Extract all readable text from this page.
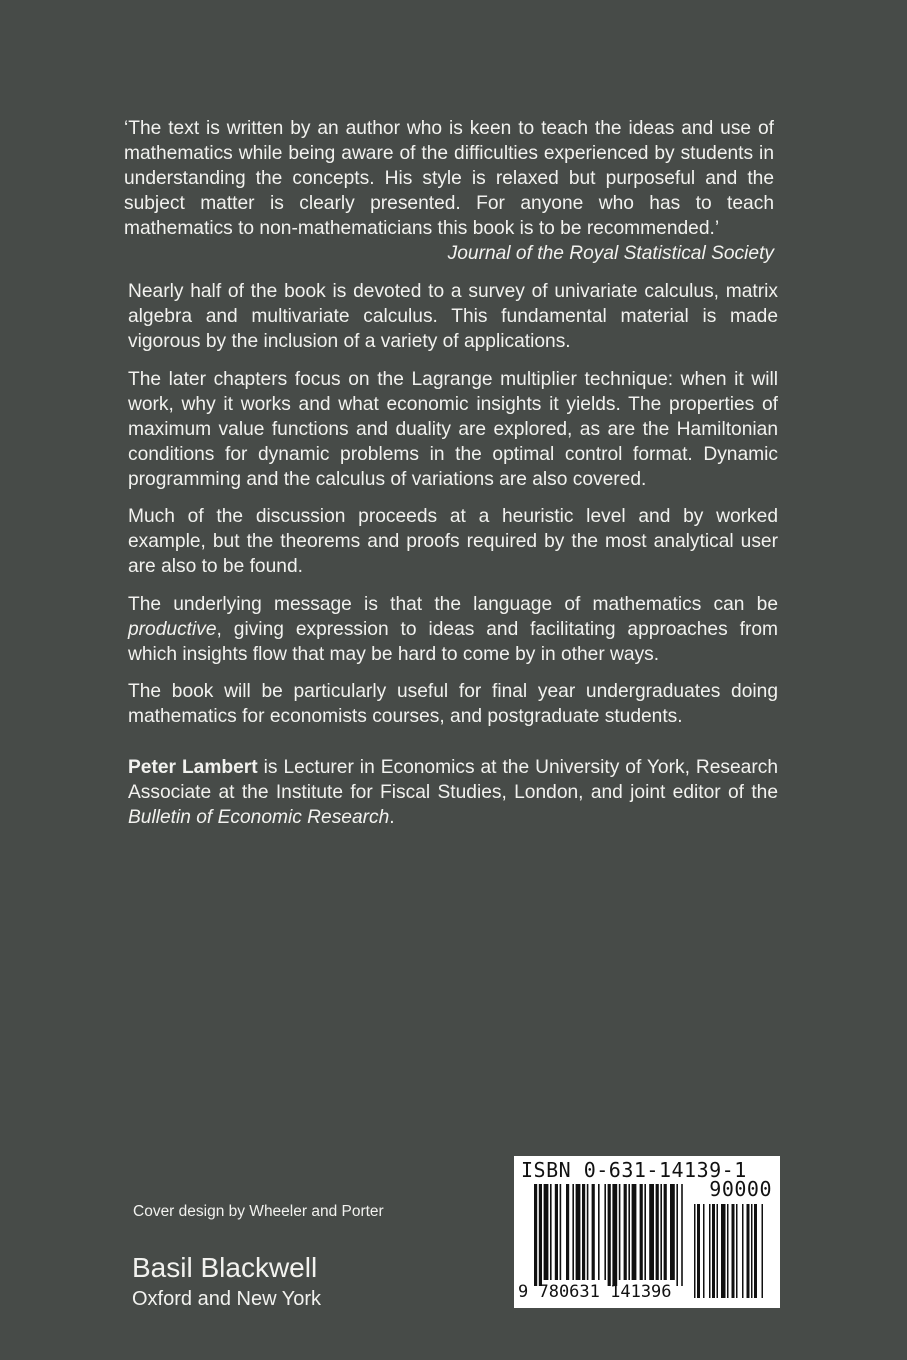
‘The text is written by an author who is keen to teach the ideas and use of mathematics while being aware of the difficulties experienced by students in understanding the concepts. His style is relaxed but purposeful and the subject matter is clearly presented. For anyone who has to teach mathematics to non-mathematicians this book is to be recommended.’
Journal of the Royal Statistical Society

Nearly half of the book is devoted to a survey of univariate calculus, matrix algebra and multivariate calculus. This fundamental material is made vigorous by the inclusion of a variety of applications.

The later chapters focus on the Lagrange multiplier technique: when it will work, why it works and what economic insights it yields. The properties of maximum value functions and duality are explored, as are the Hamiltonian conditions for dynamic problems in the optimal control format. Dynamic programming and the calculus of variations are also covered.

Much of the discussion proceeds at a heuristic level and by worked example, but the theorems and proofs required by the most analytical user are also to be found.

The underlying message is that the language of mathematics can be productive, giving expression to ideas and facilitating approaches from which insights flow that may be hard to come by in other ways.

The book will be particularly useful for final year undergraduates doing mathematics for economists courses, and postgraduate students.

Peter Lambert is Lecturer in Economics at the University of York, Research Associate at the Institute for Fiscal Studies, London, and joint editor of the Bulletin of Economic Research.

Cover design by Wheeler and Porter
Basil Blackwell
Oxford and New York
ISBN 0-631-14139-1
90000
9 780631 141396
